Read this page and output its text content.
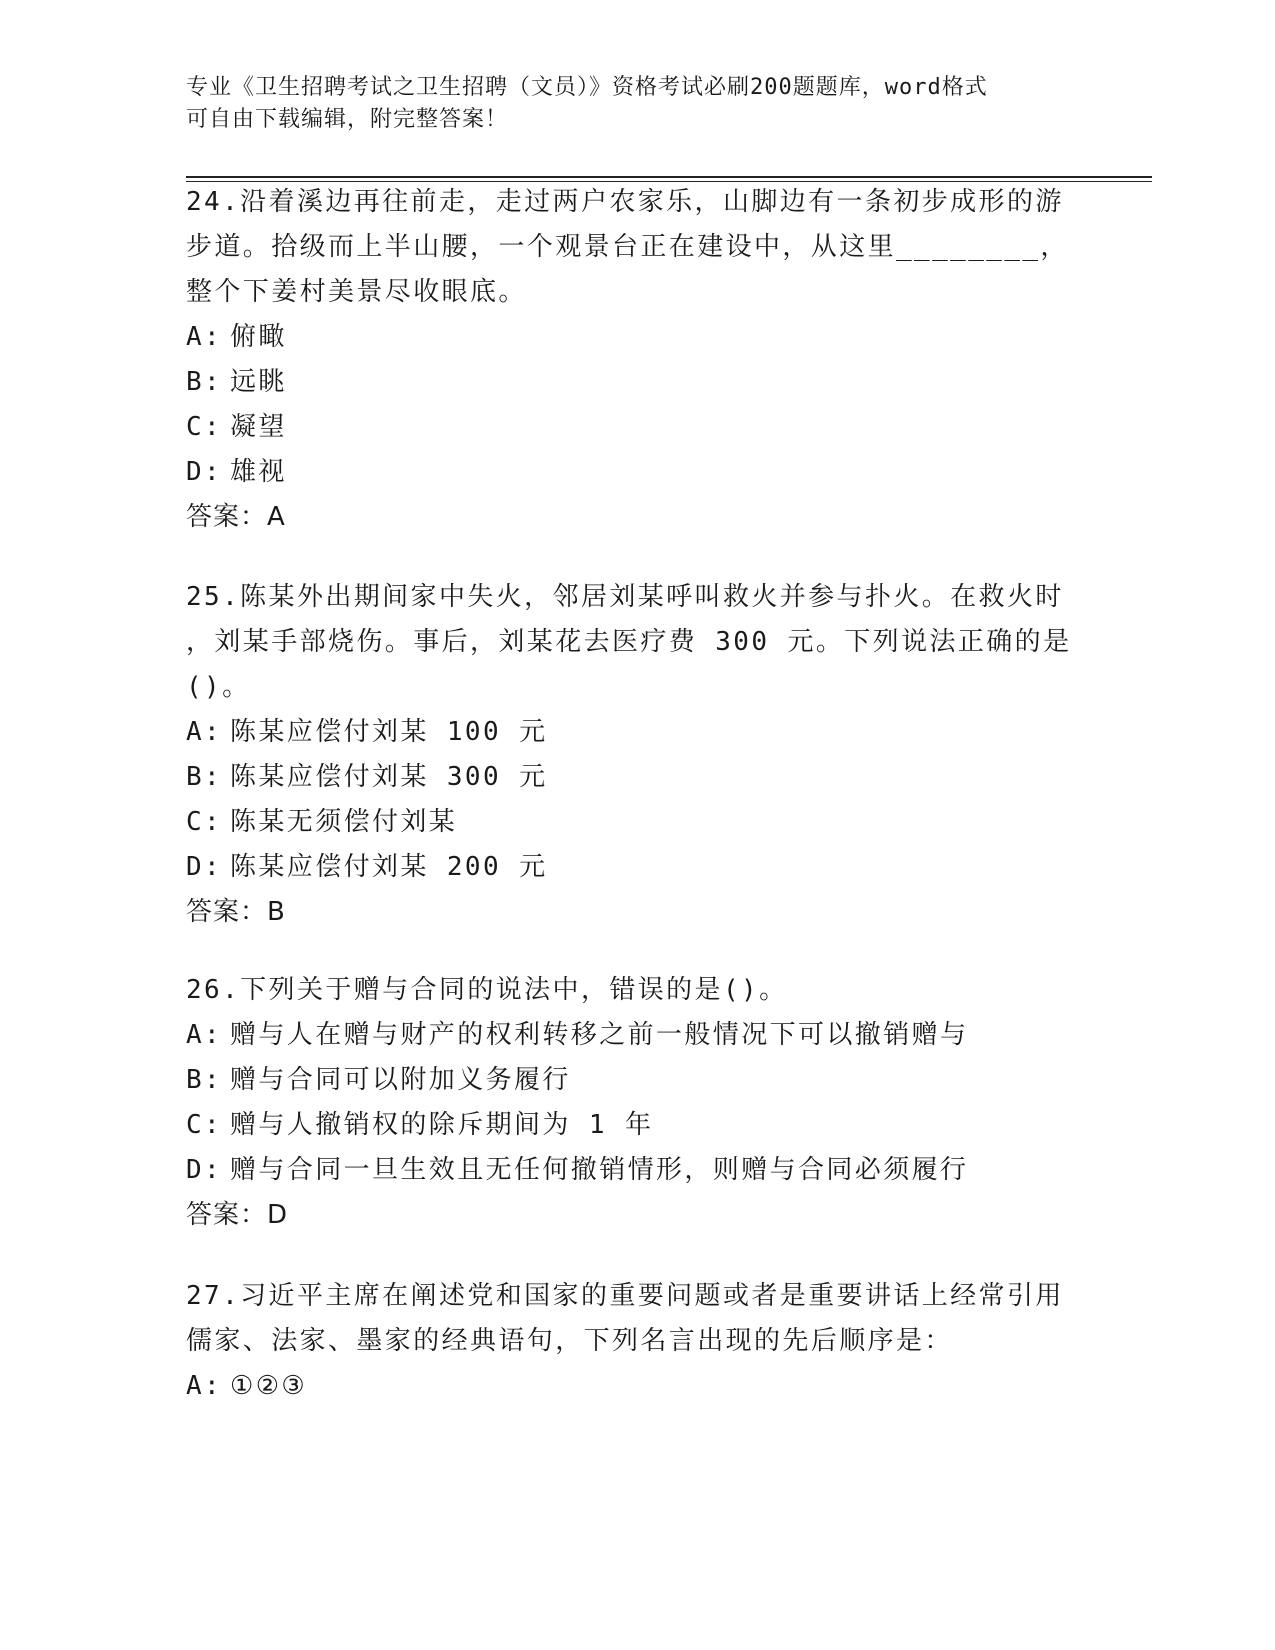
专业《卫生招聘考试之卫生招聘（文员）》资格考试必刷200题题库，word格式
可自由下载编辑，附完整答案！
24.沿着溪边再往前走，走过两户农家乐，山脚边有一条初步成形的游
步道。拾级而上半山腰，一个观景台正在建设中，从这里________，
整个下姜村美景尽收眼底。
A: 俯瞰
B: 远眺
C: 凝望
D: 雄视
答案：A
25.陈某外出期间家中失火，邻居刘某呼叫救火并参与扑火。在救火时
，刘某手部烧伤。事后，刘某花去医疗费 300 元。下列说法正确的是
()。
A: 陈某应偿付刘某 100 元
B: 陈某应偿付刘某 300 元
C: 陈某无须偿付刘某
D: 陈某应偿付刘某 200 元
答案：B
26.下列关于赠与合同的说法中，错误的是()。
A: 赠与人在赠与财产的权利转移之前一般情况下可以撤销赠与
B: 赠与合同可以附加义务履行
C: 赠与人撤销权的除斥期间为 1 年
D: 赠与合同一旦生效且无任何撤销情形，则赠与合同必须履行
答案：D
27.习近平主席在阐述党和国家的重要问题或者是重要讲话上经常引用
儒家、法家、墨家的经典语句，下列名言出现的先后顺序是：
A: ①②③
